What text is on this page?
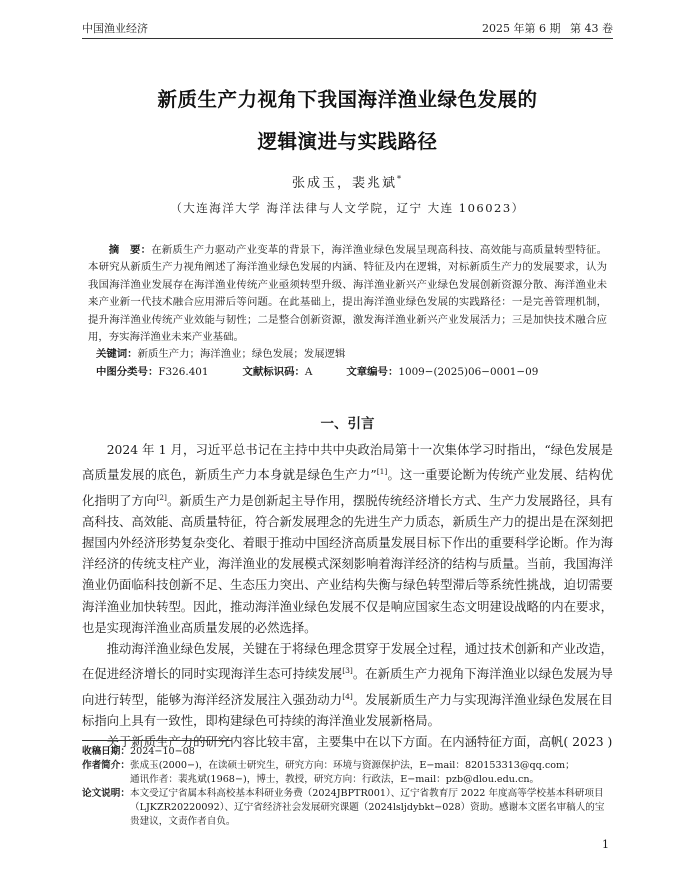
中国渔业经济	2025 年第 6 期 第 43 卷
新质生产力视角下我国海洋渔业绿色发展的
逻辑演进与实践路径
张成玉，裴兆斌*
（大连海洋大学 海洋法律与人文学院，辽宁 大连 106023）

摘　要：在新质生产力驱动产业变革的背景下，海洋渔业绿色发展呈现高科技、高效能与高质量转型特征。本研究从新质生产力视角阐述了海洋渔业绿色发展的内涵、特征及内在逻辑，对标新质生产力的发展要求，认为我国海洋渔业发展存在海洋渔业传统产业亟须转型升级、海洋渔业新兴产业绿色发展创新资源分散、海洋渔业未来产业新一代技术融合应用滞后等问题。在此基础上，提出海洋渔业绿色发展的实践路径：一是完善管理机制，提升海洋渔业传统产业效能与韧性；二是整合创新资源，激发海洋渔业新兴产业发展活力；三是加快技术融合应用，夯实海洋渔业未来产业基础。

关键词：新质生产力；海洋渔业；绿色发展；发展逻辑

中图分类号：F326.401	文献标识码：A	文章编号：1009−(2025)06−0001−09
一、引言

2024 年 1 月，习近平总书记在主持中共中央政治局第十一次集体学习时指出，“绿色发展是高质量发展的底色，新质生产力本身就是绿色生产力”[1]。这一重要论断为传统产业发展、结构优化指明了方向[2]。新质生产力是创新起主导作用，摆脱传统经济增长方式、生产力发展路径，具有高科技、高效能、高质量特征，符合新发展理念的先进生产力质态，新质生产力的提出是在深刻把握国内外经济形势复杂变化、着眼于推动中国经济高质量发展目标下作出的重要科学论断。作为海洋经济的传统支柱产业，海洋渔业的发展模式深刻影响着海洋经济的结构与质量。当前，我国海洋渔业仍面临科技创新不足、生态压力突出、产业结构失衡与绿色转型滞后等系统性挑战，迫切需要海洋渔业加快转型。因此，推动海洋渔业绿色发展不仅是响应国家生态文明建设战略的内在要求，也是实现海洋渔业高质量发展的必然选择。

推动海洋渔业绿色发展，关键在于将绿色理念贯穿于发展全过程，通过技术创新和产业改造，在促进经济增长的同时实现海洋生态可持续发展[3]。在新质生产力视角下海洋渔业以绿色发展为导向进行转型，能够为海洋经济发展注入强劲动力[4]。发展新质生产力与实现海洋渔业绿色发展在目标指向上具有一致性，即构建绿色可持续的海洋渔业发展新格局。

关于新质生产力的研究内容比较丰富，主要集中在以下方面。在内涵特征方面，高帆( 2023 )

收稿日期： 2024−10−08
作者简介： 张成玉(2000−)，在读硕士研究生，研究方向：环境与资源保护法，E−mail：820153313@qq.com；
通讯作者：裴兆斌(1968−)，博士，教授，研究方向：行政法，E−mail：pzb@dlou.edu.cn。
论文说明： 本文受辽宁省属本科高校基本科研业务费（2024JBPTR001）、辽宁省教育厅 2022 年度高等学校基本科研项目（LJKZR20220092）、辽宁省经济社会发展研究课题（2024lsljdybkt−028）资助。感谢本文匿名审稿人的宝贵建议，文责作者自负。
1
